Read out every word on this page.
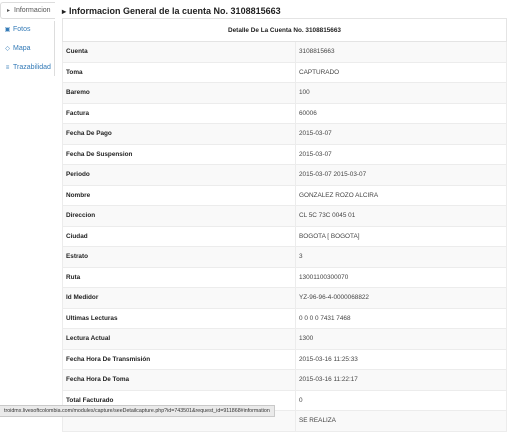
▸ Informacion
▣ Fotos
◇ Mapa
≡ Trazabilidad
▸ Informacion General de la cuenta No. 3108815663
Detalle De La Cuenta No. 3108815663	
Cuenta	3108815663
Toma	CAPTURADO
Baremo	100
Factura	60006
Fecha De Pago	2015-03-07
Fecha De Suspension	2015-03-07
Periodo	2015-03-07 2015-03-07
Nombre	GONZALEZ ROZO ALCIRA
Direccion	CL 5C 73C 0045 01
Ciudad	BOGOTA [ BOGOTA]
Estrato	3
Ruta	13001100300070
Id Medidor	YZ-96-96-4-0000068822
Ultimas Lecturas	0 0 0 0 7431 7468
Lectura Actual	1300
Fecha Hora De Transmisión	2015-03-16 11:25:33
Fecha Hora De Toma	2015-03-16 11:22:17
Total Facturado	0
	SE REALIZA
troidmx.livesoftcolombia.com/modules/capture/seeDetailcapture.php?id=743501&request_id=911868#information
